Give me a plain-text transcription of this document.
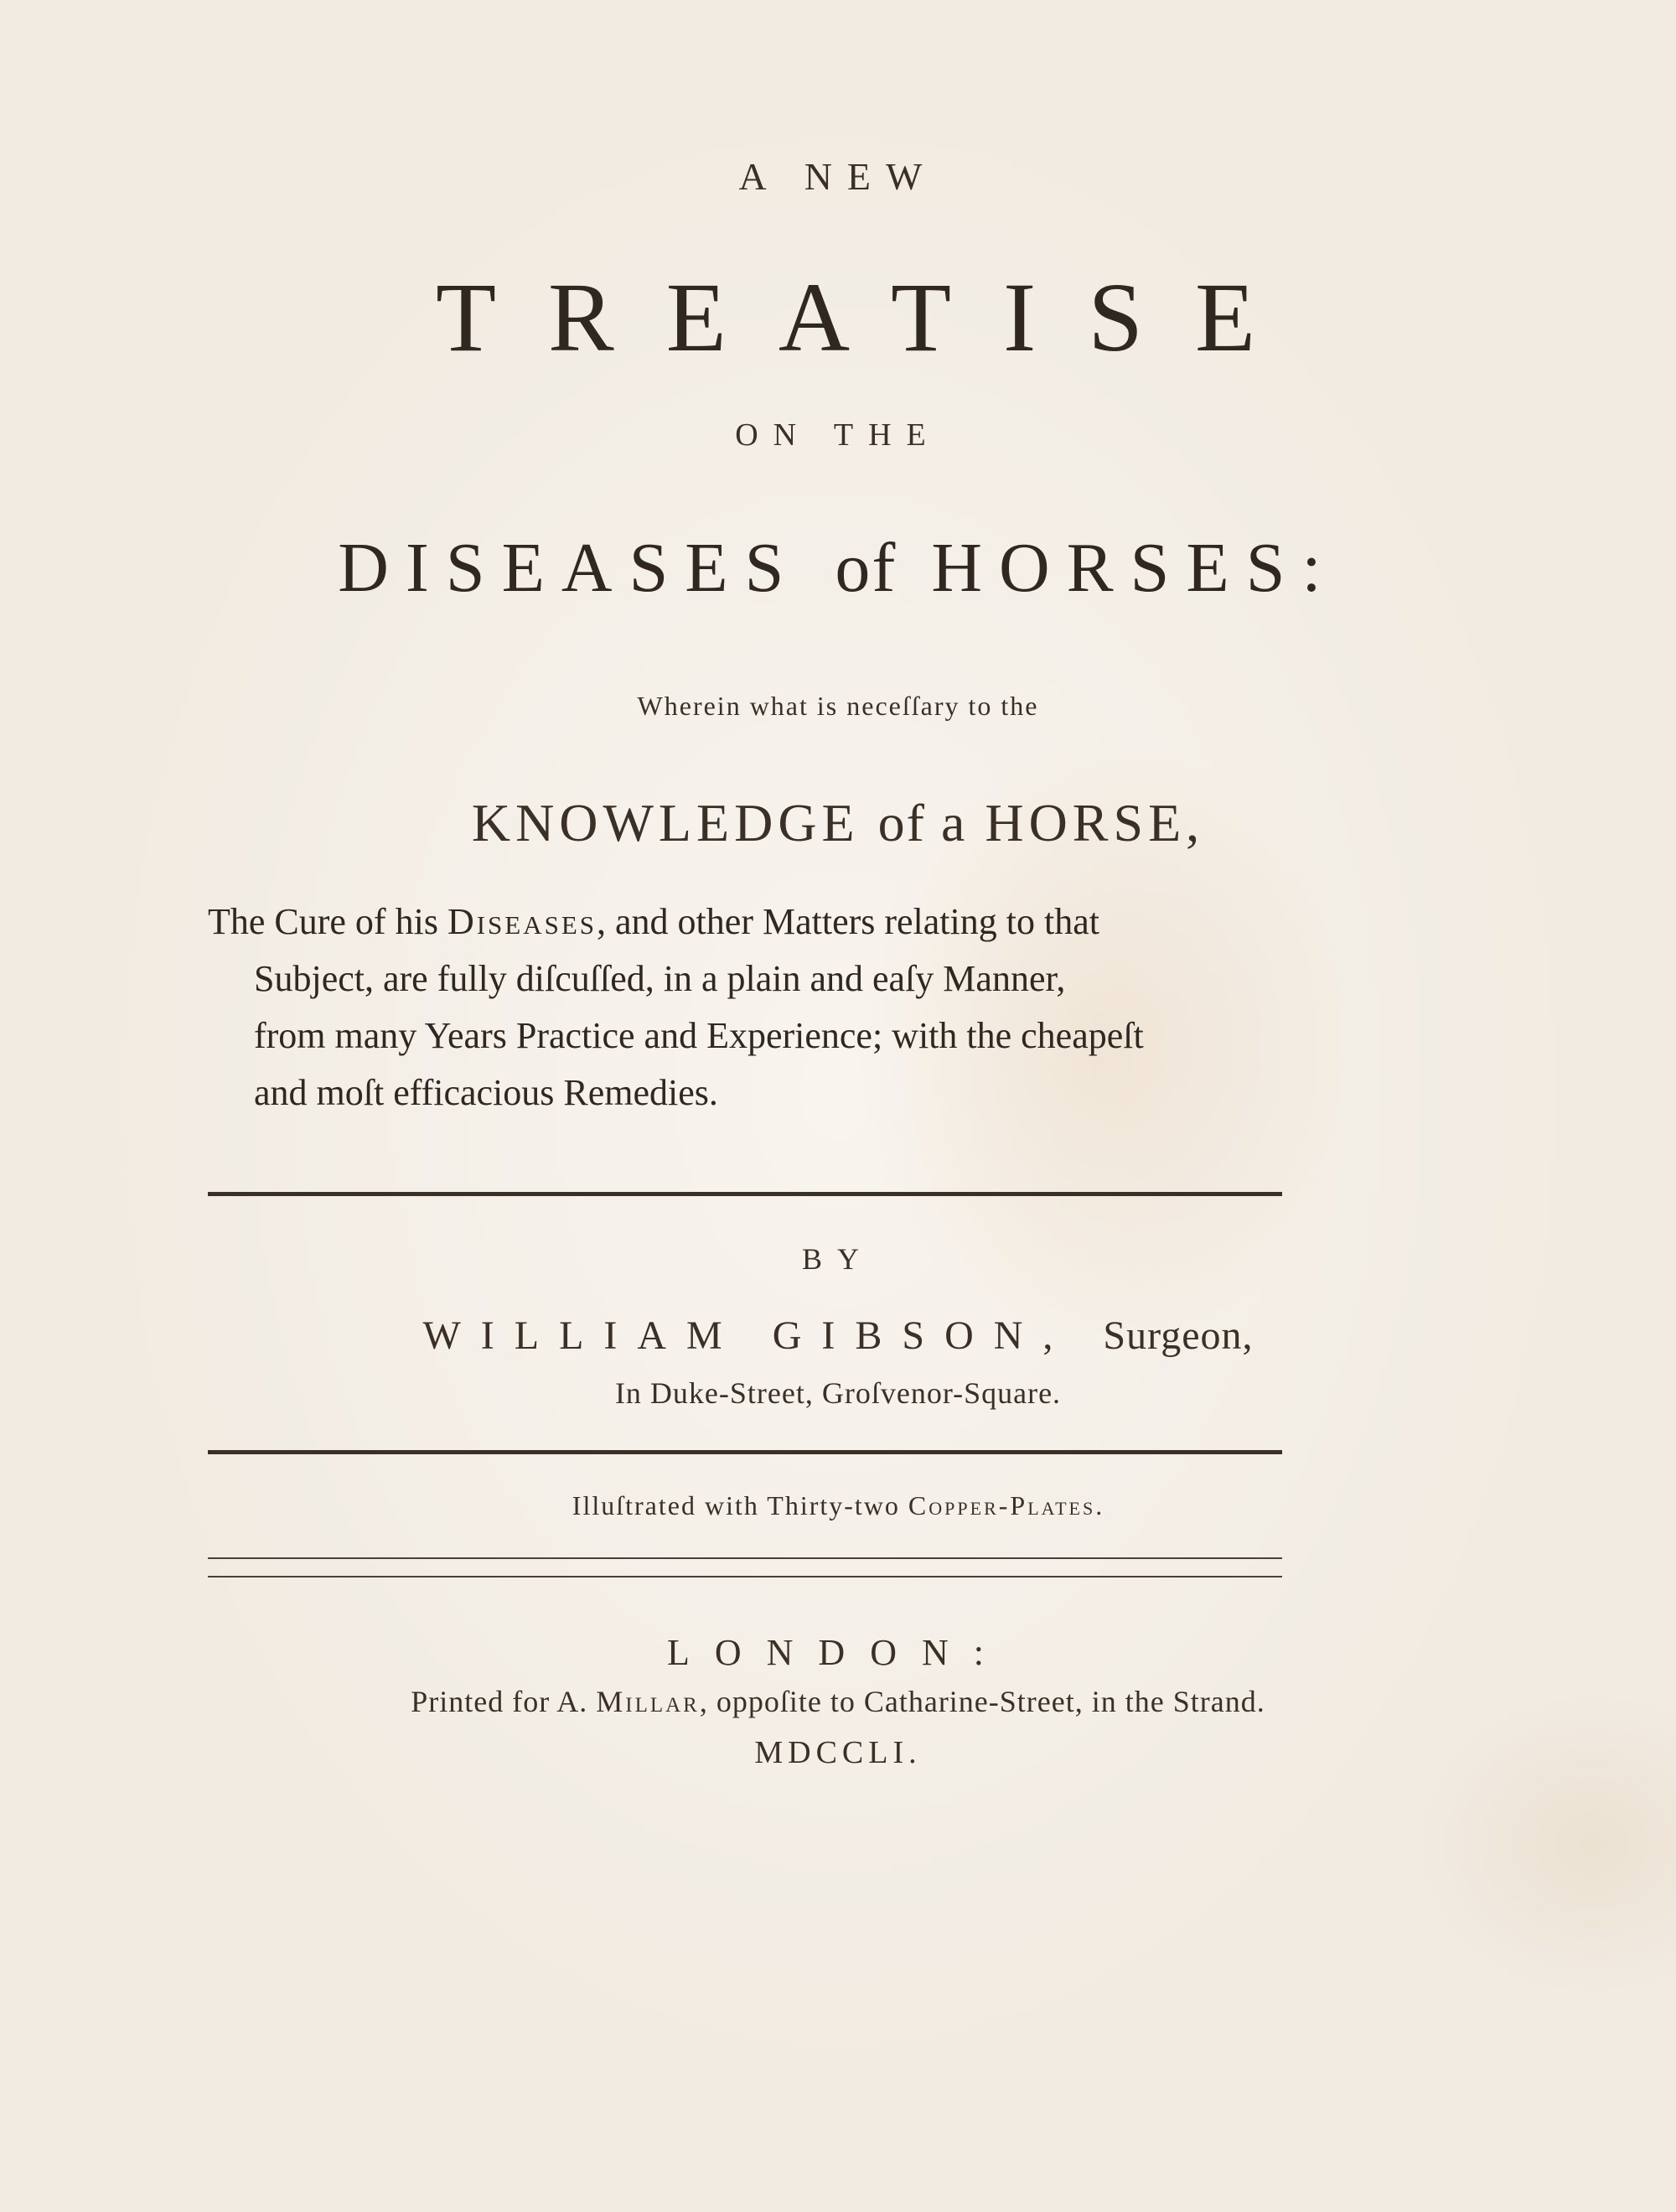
A NEW
TREATISE
ON THE
DISEASES of HORSES:
Wherein what is neceſſary to the
KNOWLEDGE of a HORSE,
The Cure of his Diseases, and other Matters relating to that
Subject, are fully diſcuſſed, in a plain and eaſy Manner,
from many Years Practice and Experience; with the cheapeſt
and moſt efficacious Remedies.
BY
WILLIAM GIBSON, Surgeon,
In Duke-Street, Groſvenor-Square.
Illuſtrated with Thirty-two Copper-Plates.
LONDON:
Printed for A. Millar, oppoſite to Catharine-Street, in the Strand.
MDCCLI.
